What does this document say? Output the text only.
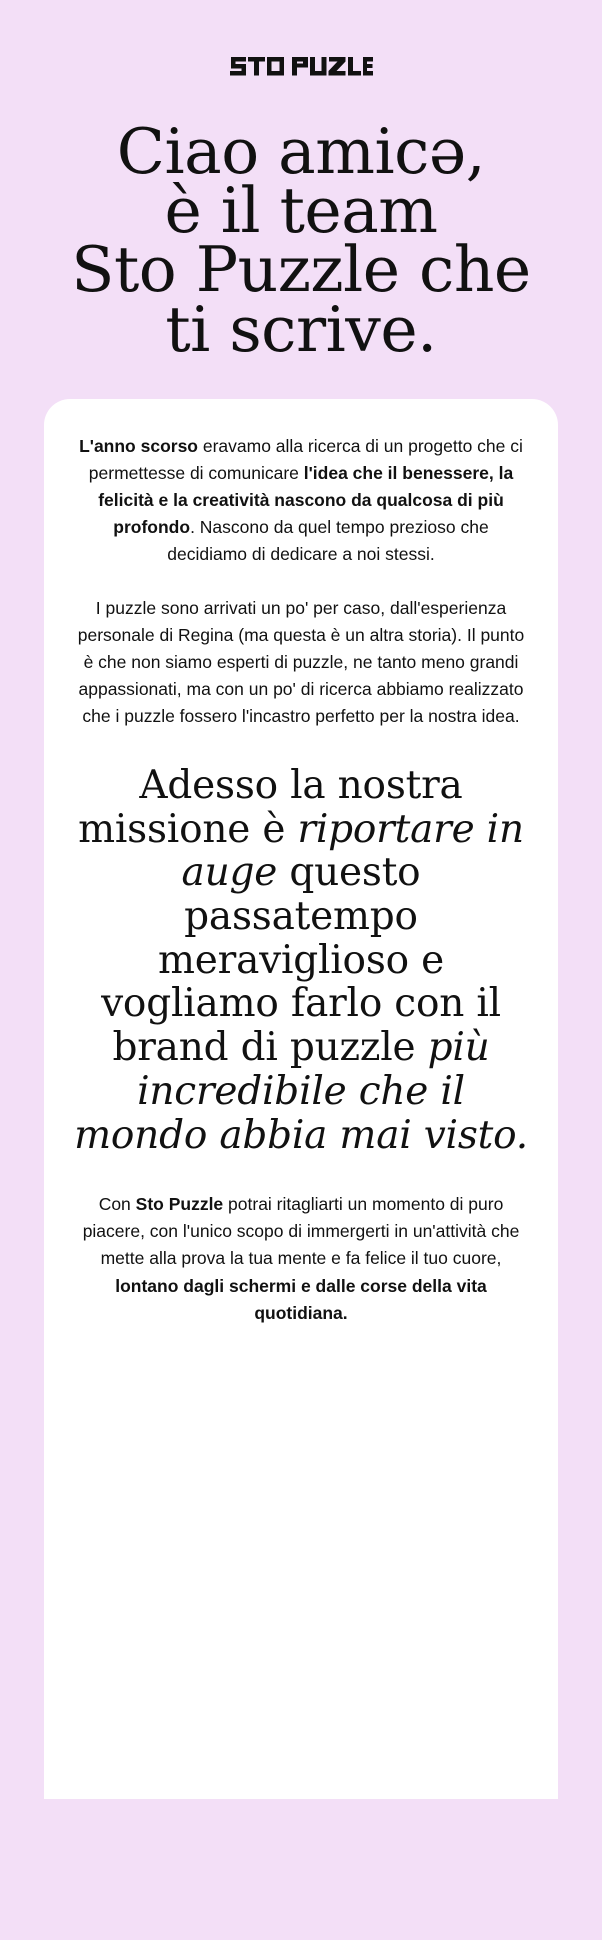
Ciao amicǝ,
è il team
Sto Puzzle che
ti scrive.

L'anno scorso eravamo alla ricerca di un progetto che ci permettesse di comunicare l'idea che il benessere, la felicità e la creatività nascono da qualcosa di più profondo. Nascono da quel tempo prezioso che decidiamo di dedicare a noi stessi.

I puzzle sono arrivati un po' per caso, dall'esperienza personale di Regina (ma questa è un altra storia). Il punto è che non siamo esperti di puzzle, ne tanto meno grandi appassionati, ma con un po' di ricerca abbiamo realizzato che i puzzle fossero l'incastro perfetto per la nostra idea.

Adesso la nostra missione è riportare in auge questo passatempo meraviglioso e vogliamo farlo con il brand di puzzle più incredibile che il mondo abbia mai visto.

Con Sto Puzzle potrai ritagliarti un momento di puro piacere, con l'unico scopo di immergerti in un'attività che mette alla prova la tua mente e fa felice il tuo cuore, lontano dagli schermi e dalle corse della vita quotidiana.
